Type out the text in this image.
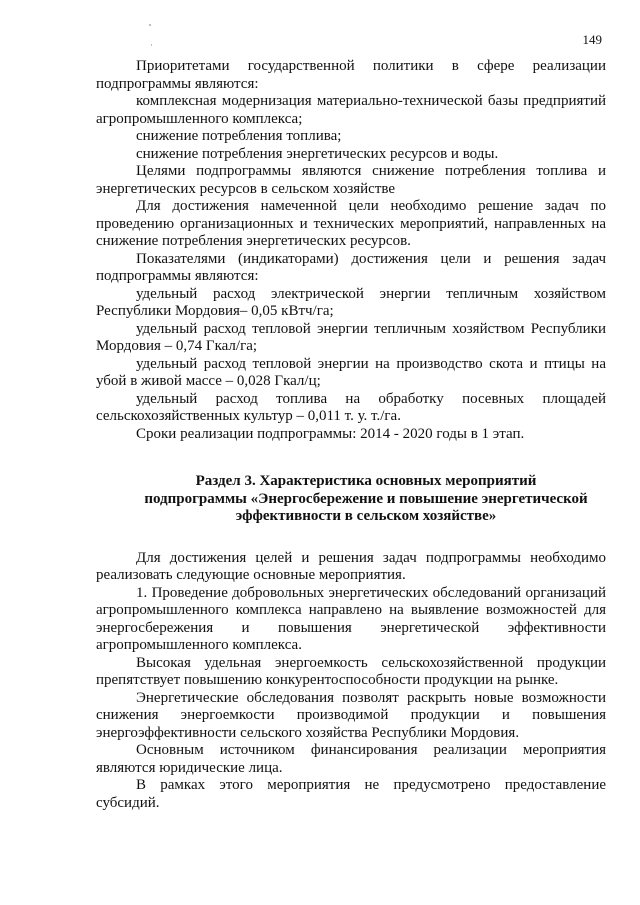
149

Приоритетами государственной политики в сфере реализации подпрограммы являются:

комплексная модернизация материально-технической базы предприятий агропромышленного комплекса;

снижение потребления топлива;

снижение потребления энергетических ресурсов и воды.

Целями подпрограммы являются снижение потребления топлива и энергетических ресурсов в сельском хозяйстве

Для достижения намеченной цели необходимо решение задач по проведению организационных и технических мероприятий, направленных на снижение потребления энергетических ресурсов.

Показателями (индикаторами) достижения цели и решения задач подпрограммы являются:

удельный расход электрической энергии тепличным хозяйством Республики Мордовия– 0,05 кВтч/га;

удельный расход тепловой энергии тепличным хозяйством Республики Мордовия – 0,74 Гкал/га;

удельный расход тепловой энергии на производство скота и птицы на убой в живой массе – 0,028 Гкал/ц;

удельный расход топлива на обработку посевных площадей сельскохозяйственных культур – 0,011 т. у. т./га.

Сроки реализации подпрограммы: 2014 - 2020 годы в 1 этап.

Раздел 3. Характеристика основных мероприятий
подпрограммы «Энергосбережение и повышение энергетической
эффективности в сельском хозяйстве»

Для достижения целей и решения задач подпрограммы необходимо реализовать следующие основные мероприятия.

1. Проведение добровольных энергетических обследований организаций агропромышленного комплекса направлено на выявление возможностей для энергосбережения и повышения энергетической эффективности агропромышленного комплекса.

Высокая удельная энергоемкость сельскохозяйственной продукции препятствует повышению конкурентоспособности продукции на рынке.

Энергетические обследования позволят раскрыть новые возможности снижения энергоемкости производимой продукции и повышения энергоэффективности сельского хозяйства Республики Мордовия.

Основным источником финансирования реализации мероприятия являются юридические лица.

В рамках этого мероприятия не предусмотрено предоставление субсидий.
